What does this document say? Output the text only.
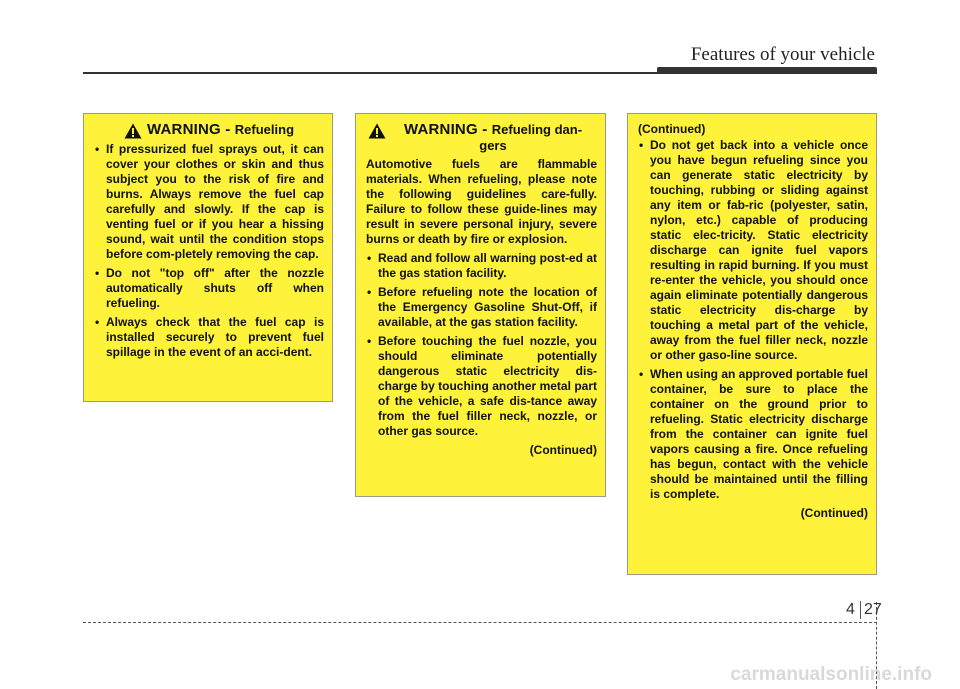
Features of your vehicle
WARNING - Refueling
• If pressurized fuel sprays out, it can cover your clothes or skin and thus subject you to the risk of fire and burns. Always remove the fuel cap carefully and slowly. If the cap is venting fuel or if you hear a hissing sound, wait until the condition stops before com-pletely removing the cap.
• Do not "top off" after the nozzle automatically shuts off when refueling.
• Always check that the fuel cap is installed securely to prevent fuel spillage in the event of an acci-dent.
WARNING - Refueling dan-gers

Automotive fuels are flammable materials. When refueling, please note the following guidelines care-fully. Failure to follow these guide-lines may result in severe personal injury, severe burns or death by fire or explosion.

• Read and follow all warning post-ed at the gas station facility.
• Before refueling note the location of the Emergency Gasoline Shut-Off, if available, at the gas station facility.
• Before touching the fuel nozzle, you should eliminate potentially dangerous static electricity dis-charge by touching another metal part of the vehicle, a safe dis-tance away from the fuel filler neck, nozzle, or other gas source.
(Continued)
(Continued)
• Do not get back into a vehicle once you have begun refueling since you can generate static electricity by touching, rubbing or sliding against any item or fab-ric (polyester, satin, nylon, etc.) capable of producing static elec-tricity. Static electricity discharge can ignite fuel vapors resulting in rapid burning. If you must re-enter the vehicle, you should once again eliminate potentially dangerous static electricity dis-charge by touching a metal part of the vehicle, away from the fuel filler neck, nozzle or other gaso-line source.
• When using an approved portable fuel container, be sure to place the container on the ground prior to refueling. Static electricity discharge from the container can ignite fuel vapors causing a fire. Once refueling has begun, contact with the vehicle should be maintained until the filling is complete.
(Continued)
4 27
carmanualsonline.info
